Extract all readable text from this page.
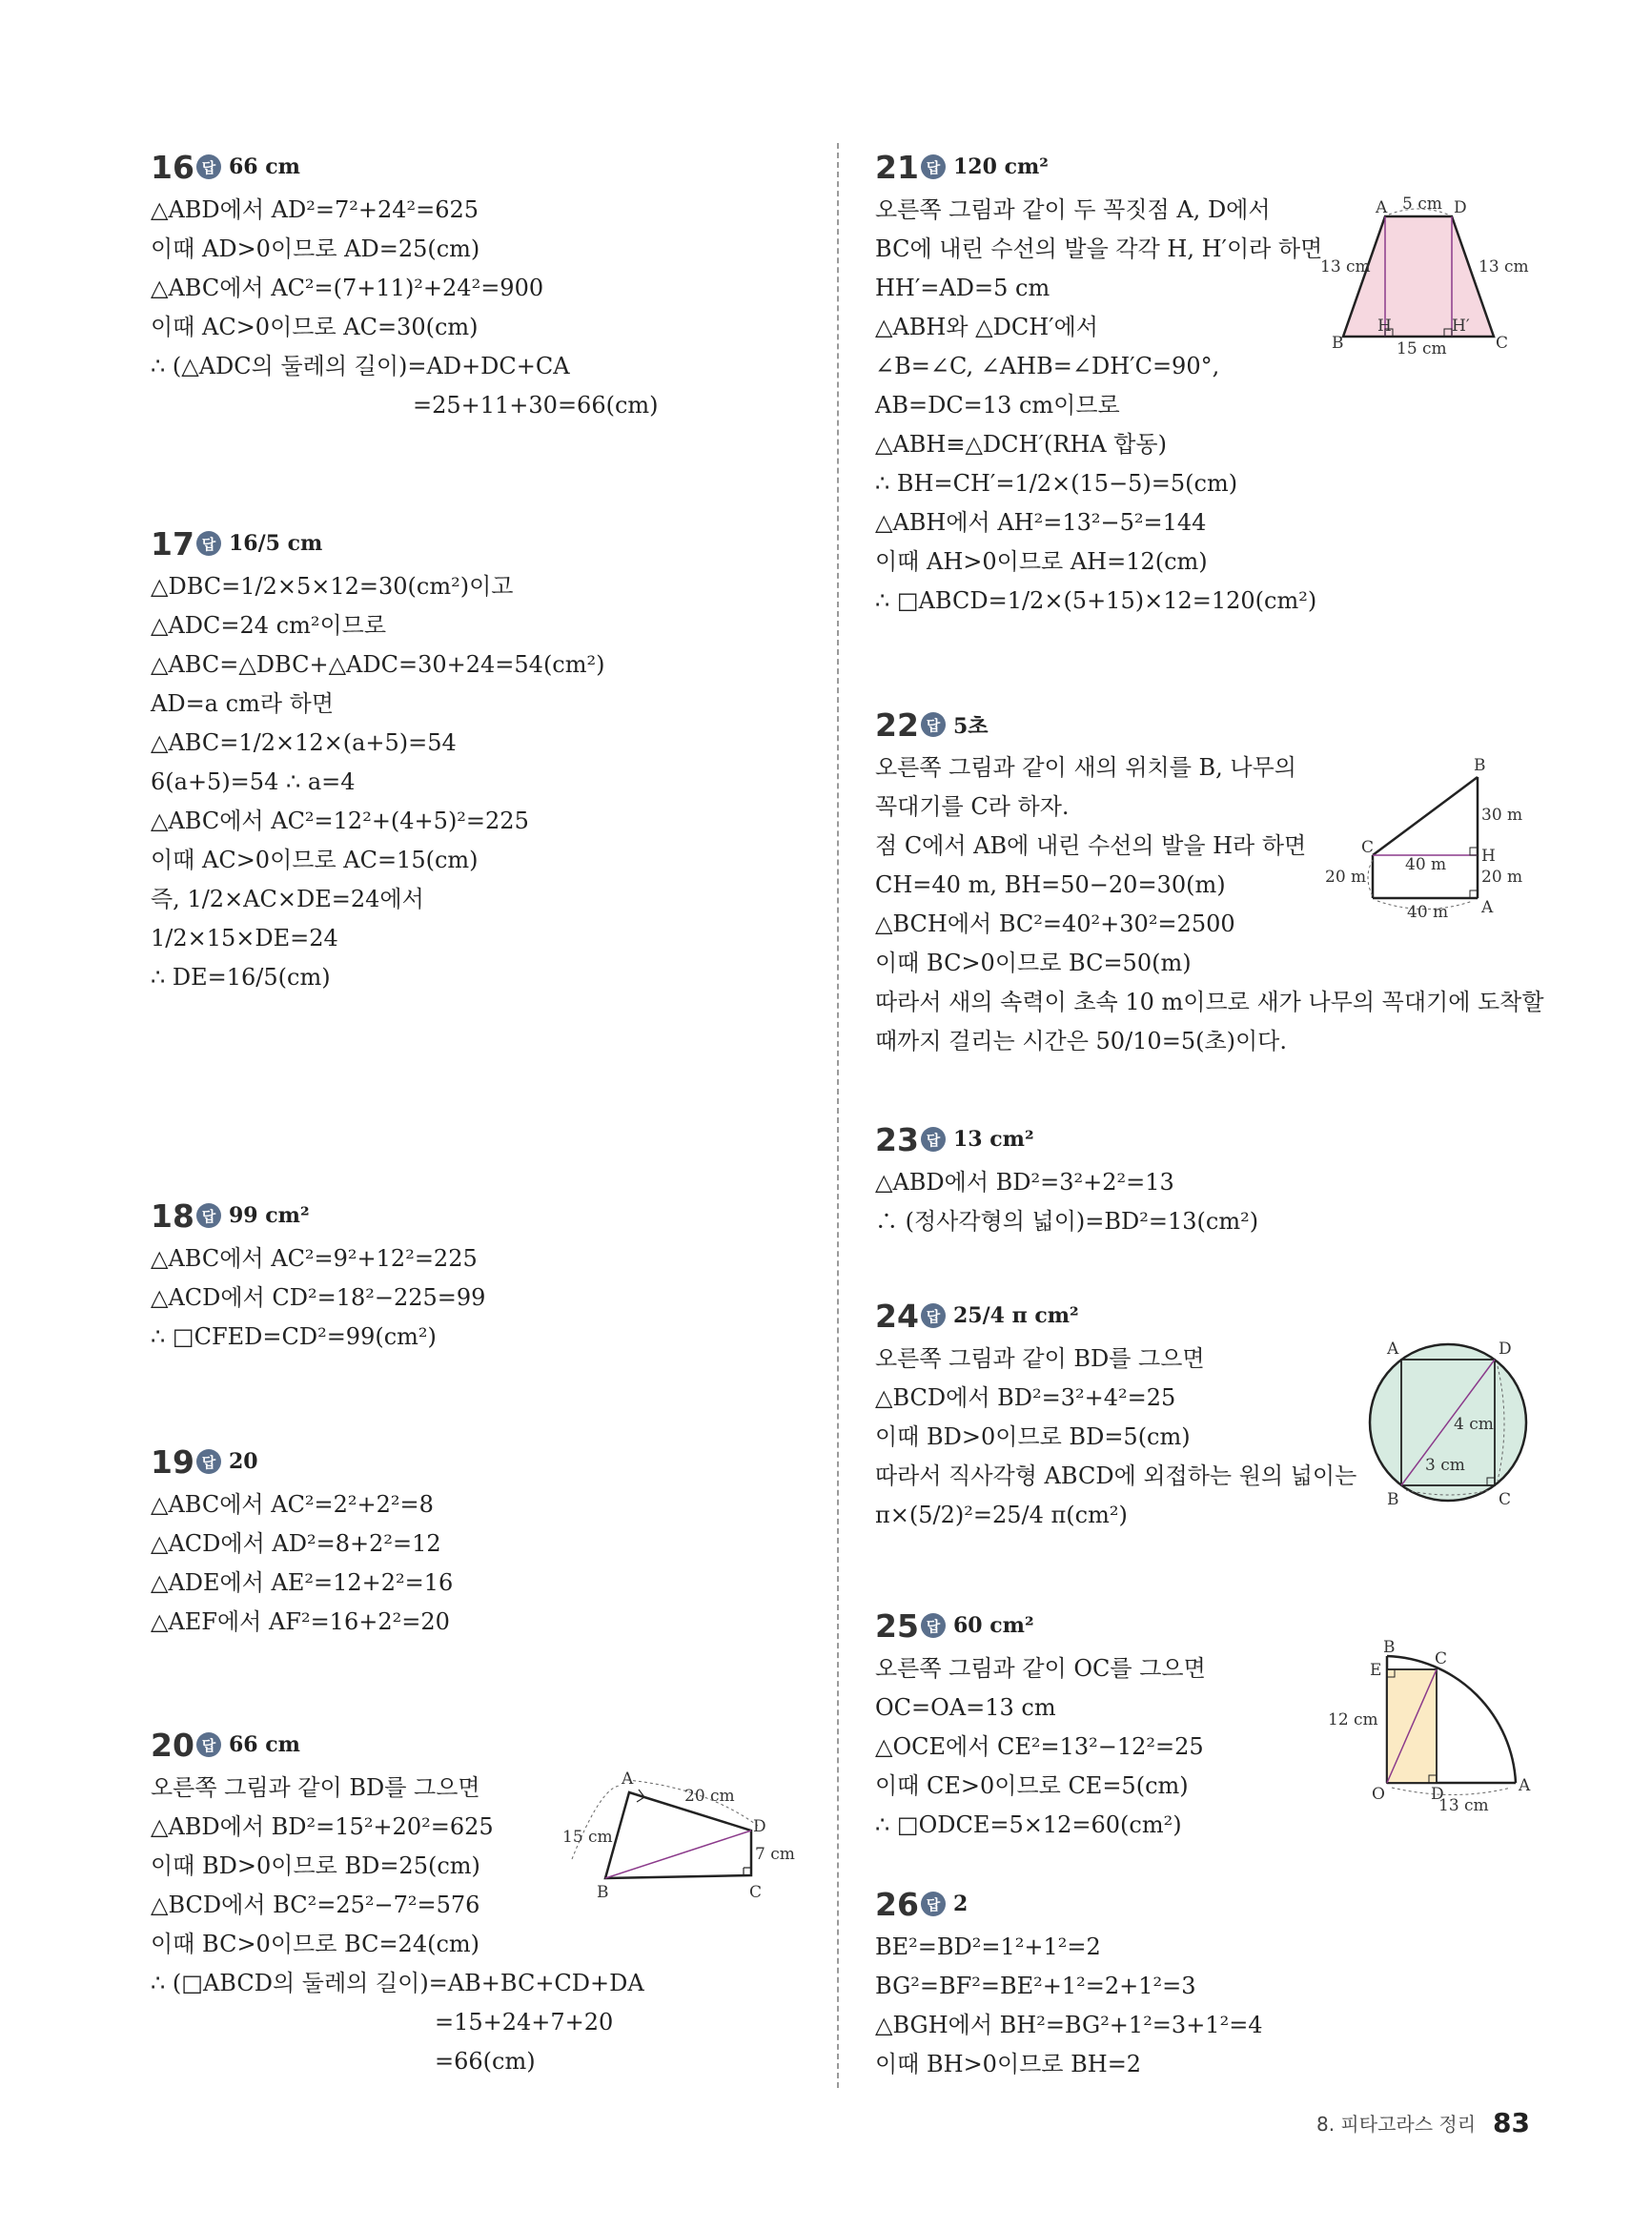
16 답 66 cm
△ABD에서 AD²=7²+24²=625
이때 AD>0이므로 AD=25(cm)
△ABC에서 AC²=(7+11)²+24²=900
이때 AC>0이므로 AC=30(cm)
∴ (△ADC의 둘레의 길이)=AD+DC+CA
=25+11+30=66(cm)
17 답 16/5 cm
△DBC=1/2×5×12=30(cm²)이고
△ADC=24 cm²이므로
△ABC=△DBC+△ADC=30+24=54(cm²)
AD=a cm라 하면
△ABC=1/2×12×(a+5)=54
6(a+5)=54 ∴ a=4
△ABC에서 AC²=12²+(4+5)²=225
이때 AC>0이므로 AC=15(cm)
즉, 1/2×AC×DE=24에서
1/2×15×DE=24
∴ DE=16/5(cm)
18 답 99 cm²
△ABC에서 AC²=9²+12²=225
△ACD에서 CD²=18²−225=99
∴ □CFED=CD²=99(cm²)
19 답 20
△ABC에서 AC²=2²+2²=8
△ACD에서 AD²=8+2²=12
△ADE에서 AE²=12+2²=16
△AEF에서 AF²=16+2²=20
20 답 66 cm
오른쪽 그림과 같이 BD를 그으면
△ABD에서 BD²=15²+20²=625
이때 BD>0이므로 BD=25(cm)
△BCD에서 BC²=25²−7²=576
이때 BC>0이므로 BC=24(cm)
∴ (□ABCD의 둘레의 길이)=AB+BC+CD+DA
=15+24+7+20
=66(cm)
21 답 120 cm²
오른쪽 그림과 같이 두 꼭짓점 A, D에서
BC에 내린 수선의 발을 각각 H, H′이라 하면
HH′=AD=5 cm
△ABH와 △DCH′에서
∠B=∠C, ∠AHB=∠DH′C=90°,
AB=DC=13 cm이므로
△ABH≡△DCH′(RHA 합동)
∴ BH=CH′=1/2×(15−5)=5(cm)
△ABH에서 AH²=13²−5²=144
이때 AH>0이므로 AH=12(cm)
∴ □ABCD=1/2×(5+15)×12=120(cm²)
22 답 5초
오른쪽 그림과 같이 새의 위치를 B, 나무의
꼭대기를 C라 하자.
점 C에서 AB에 내린 수선의 발을 H라 하면
CH=40 m, BH=50−20=30(m)
△BCH에서 BC²=40²+30²=2500
이때 BC>0이므로 BC=50(m)
따라서 새의 속력이 초속 10 m이므로 새가 나무의 꼭대기에 도착할
때까지 걸리는 시간은 50/10=5(초)이다.
23 답 13 cm²
△ABD에서 BD²=3²+2²=13
∴ (정사각형의 넓이)=BD²=13(cm²)
24 답 25/4 π cm²
오른쪽 그림과 같이 BD를 그으면
△BCD에서 BD²=3²+4²=25
이때 BD>0이므로 BD=5(cm)
따라서 직사각형 ABCD에 외접하는 원의 넓이는
π×(5/2)²=25/4 π(cm²)
25 답 60 cm²
오른쪽 그림과 같이 OC를 그으면
OC=OA=13 cm
△OCE에서 CE²=13²−12²=25
이때 CE>0이므로 CE=5(cm)
∴ □ODCE=5×12=60(cm²)
26 답 2
BE²=BD²=1²+1²=2
BG²=BF²=BE²+1²=2+1²=3
△BGH에서 BH²=BG²+1²=3+1²=4
이때 BH>0이므로 BH=2
A
B	C
D
15 cm
20 cm
7 cm
A	D
B	C
H	H′
5 cm
13 cm	13 cm
15 cm
B
C	H
A
30 m
20 m
40 m
20 m
40 m
A	D
B	C
4 cm
3 cm
B
C
E
O	D	A
12 cm
13 cm
8. 피타고라스 정리 83
